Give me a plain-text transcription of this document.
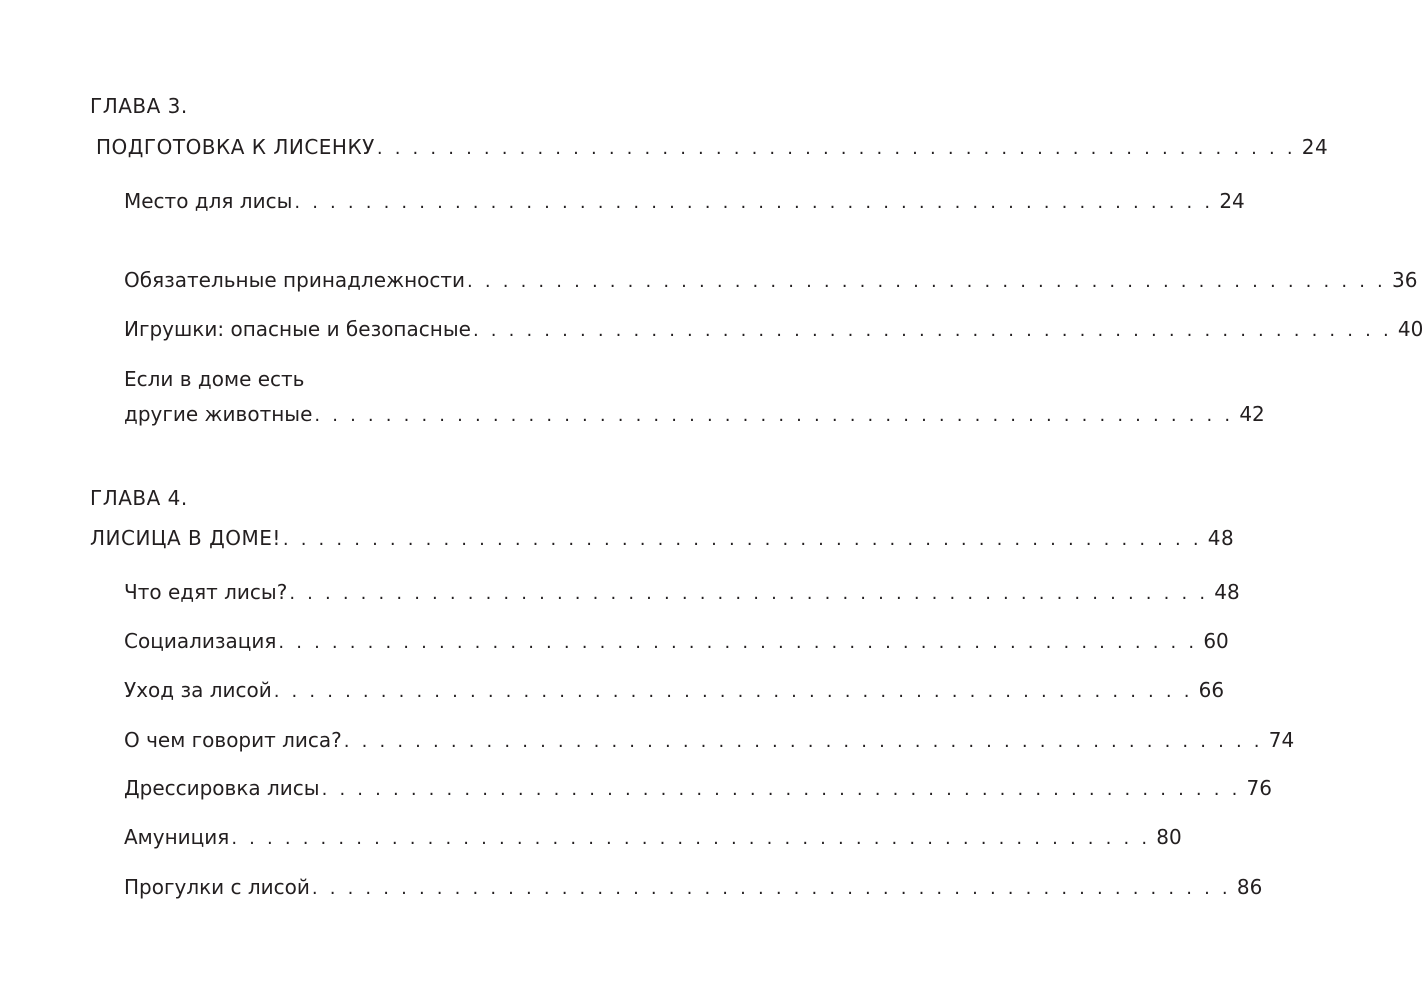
ГЛАВА 3.
ПОДГОТОВКА К ЛИСЕНКУ . . . . . . . . . . . . . . . . . . . . . . . . . . . . . . . . . . . . . . . . . . . . . . . . . . . . 24
Место для лисы . . . . . . . . . . . . . . . . . . . . . . . . . . . . . . . . . . . . . . . . . . . . . . . . . . . . 24
Обязательные принадлежности . . . . . . . . . . . . . . . . . . . . . . . . . . . . . . . . . . . . . . . . . . . . . . . . . . . . 36
Игрушки: опасные и безопасные . . . . . . . . . . . . . . . . . . . . . . . . . . . . . . . . . . . . . . . . . . . . . . . . . . . . 40
Если в доме есть
другие животные . . . . . . . . . . . . . . . . . . . . . . . . . . . . . . . . . . . . . . . . . . . . . . . . . . . . 42
ГЛАВА 4.
ЛИСИЦА В ДОМЕ! . . . . . . . . . . . . . . . . . . . . . . . . . . . . . . . . . . . . . . . . . . . . . . . . . . . . 48
Что едят лисы? . . . . . . . . . . . . . . . . . . . . . . . . . . . . . . . . . . . . . . . . . . . . . . . . . . . . 48
Социализация . . . . . . . . . . . . . . . . . . . . . . . . . . . . . . . . . . . . . . . . . . . . . . . . . . . . 60
Уход за лисой . . . . . . . . . . . . . . . . . . . . . . . . . . . . . . . . . . . . . . . . . . . . . . . . . . . . 66
О чем говорит лиса? . . . . . . . . . . . . . . . . . . . . . . . . . . . . . . . . . . . . . . . . . . . . . . . . . . . . 74
Дрессировка лисы . . . . . . . . . . . . . . . . . . . . . . . . . . . . . . . . . . . . . . . . . . . . . . . . . . . . 76
Амуниция . . . . . . . . . . . . . . . . . . . . . . . . . . . . . . . . . . . . . . . . . . . . . . . . . . . . 80
Прогулки с лисой . . . . . . . . . . . . . . . . . . . . . . . . . . . . . . . . . . . . . . . . . . . . . . . . . . . . 86
